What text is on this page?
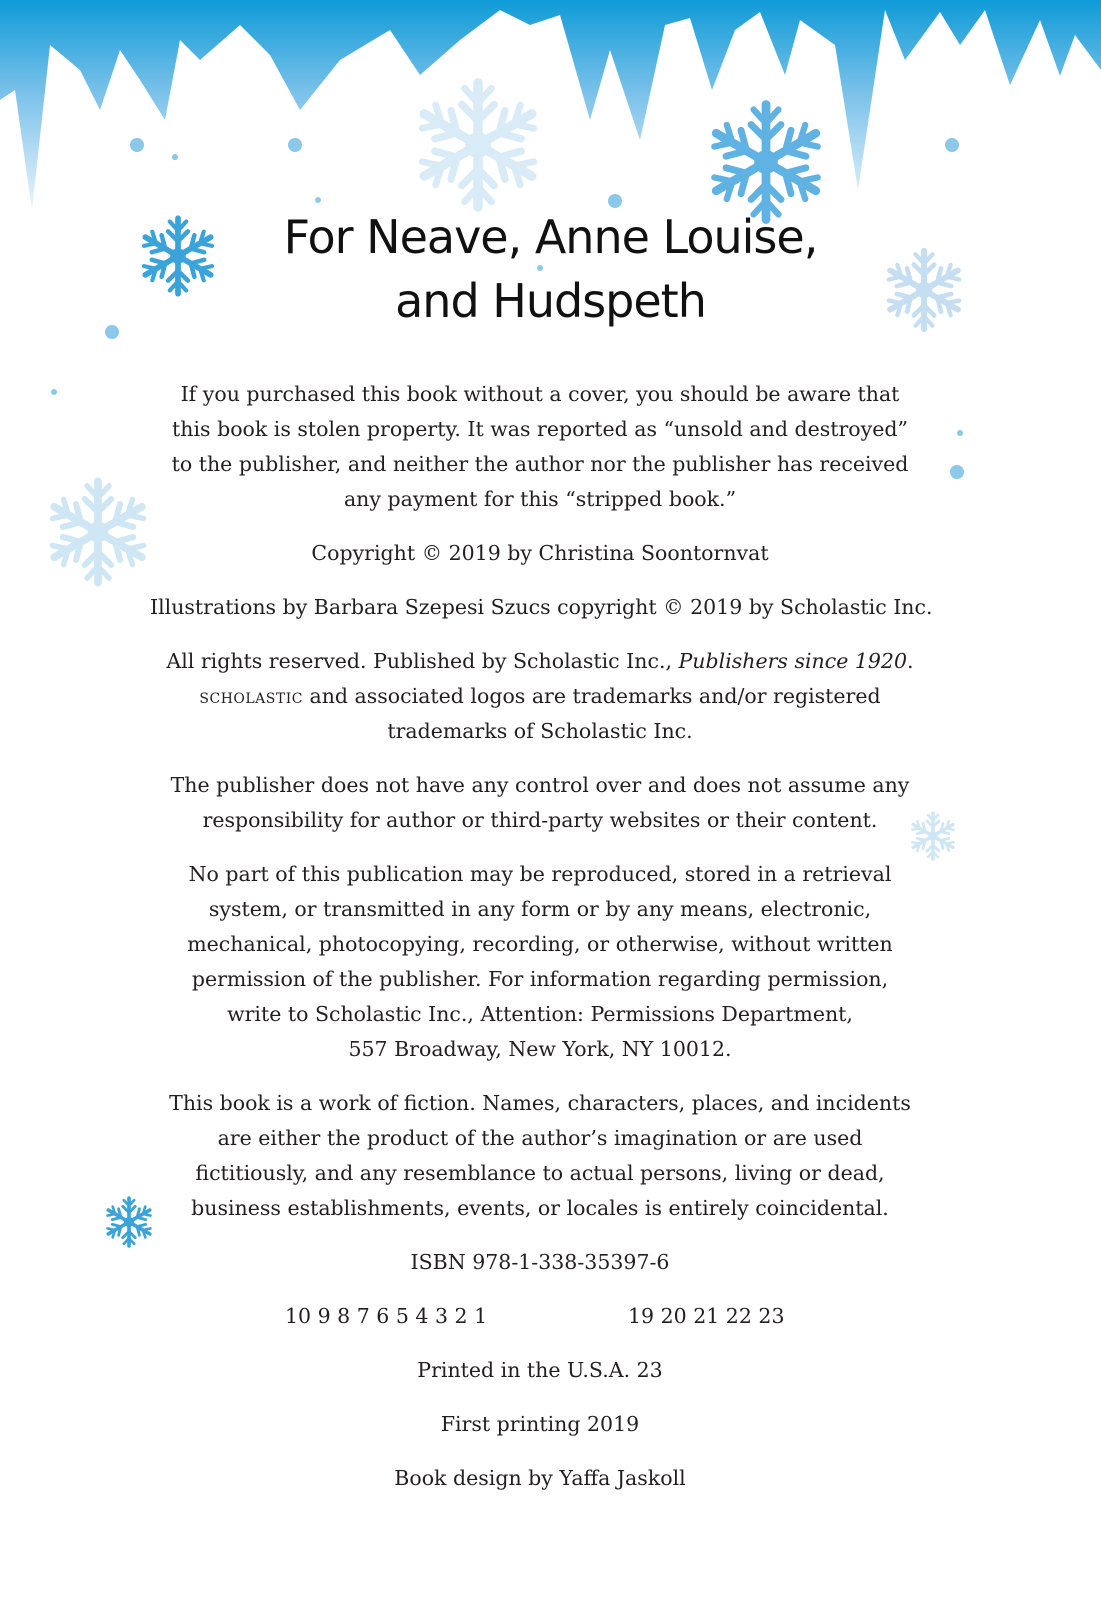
For Neave, Anne Louise,
and Hudspeth

If you purchased this book without a cover, you should be aware that
this book is stolen property. It was reported as “unsold and destroyed”
to the publisher, and neither the author nor the publisher has received
any payment for this “stripped book.”

Copyright © 2019 by Christina Soontornvat

Illustrations by Barbara Szepesi Szucs copyright © 2019 by Scholastic Inc.

All rights reserved. Published by Scholastic Inc., Publishers since 1920.
scholastic and associated logos are trademarks and/or registered
trademarks of Scholastic Inc.

The publisher does not have any control over and does not assume any
responsibility for author or third-party websites or their content.

No part of this publication may be reproduced, stored in a retrieval
system, or transmitted in any form or by any means, electronic,
mechanical, photocopying, recording, or otherwise, without written
permission of the publisher. For information regarding permission,
write to Scholastic Inc., Attention: Permissions Department,
557 Broadway, New York, NY 10012.

This book is a work of fiction. Names, characters, places, and incidents
are either the product of the author’s imagination or are used
fictitiously, and any resemblance to actual persons, living or dead,
business establishments, events, or locales is entirely coincidental.

ISBN 978-1-338-35397-6

10 9 8 7 6 5 4 3 2 1	19 20 21 22 23

Printed in the U.S.A. 23

First printing 2019

Book design by Yaffa Jaskoll
